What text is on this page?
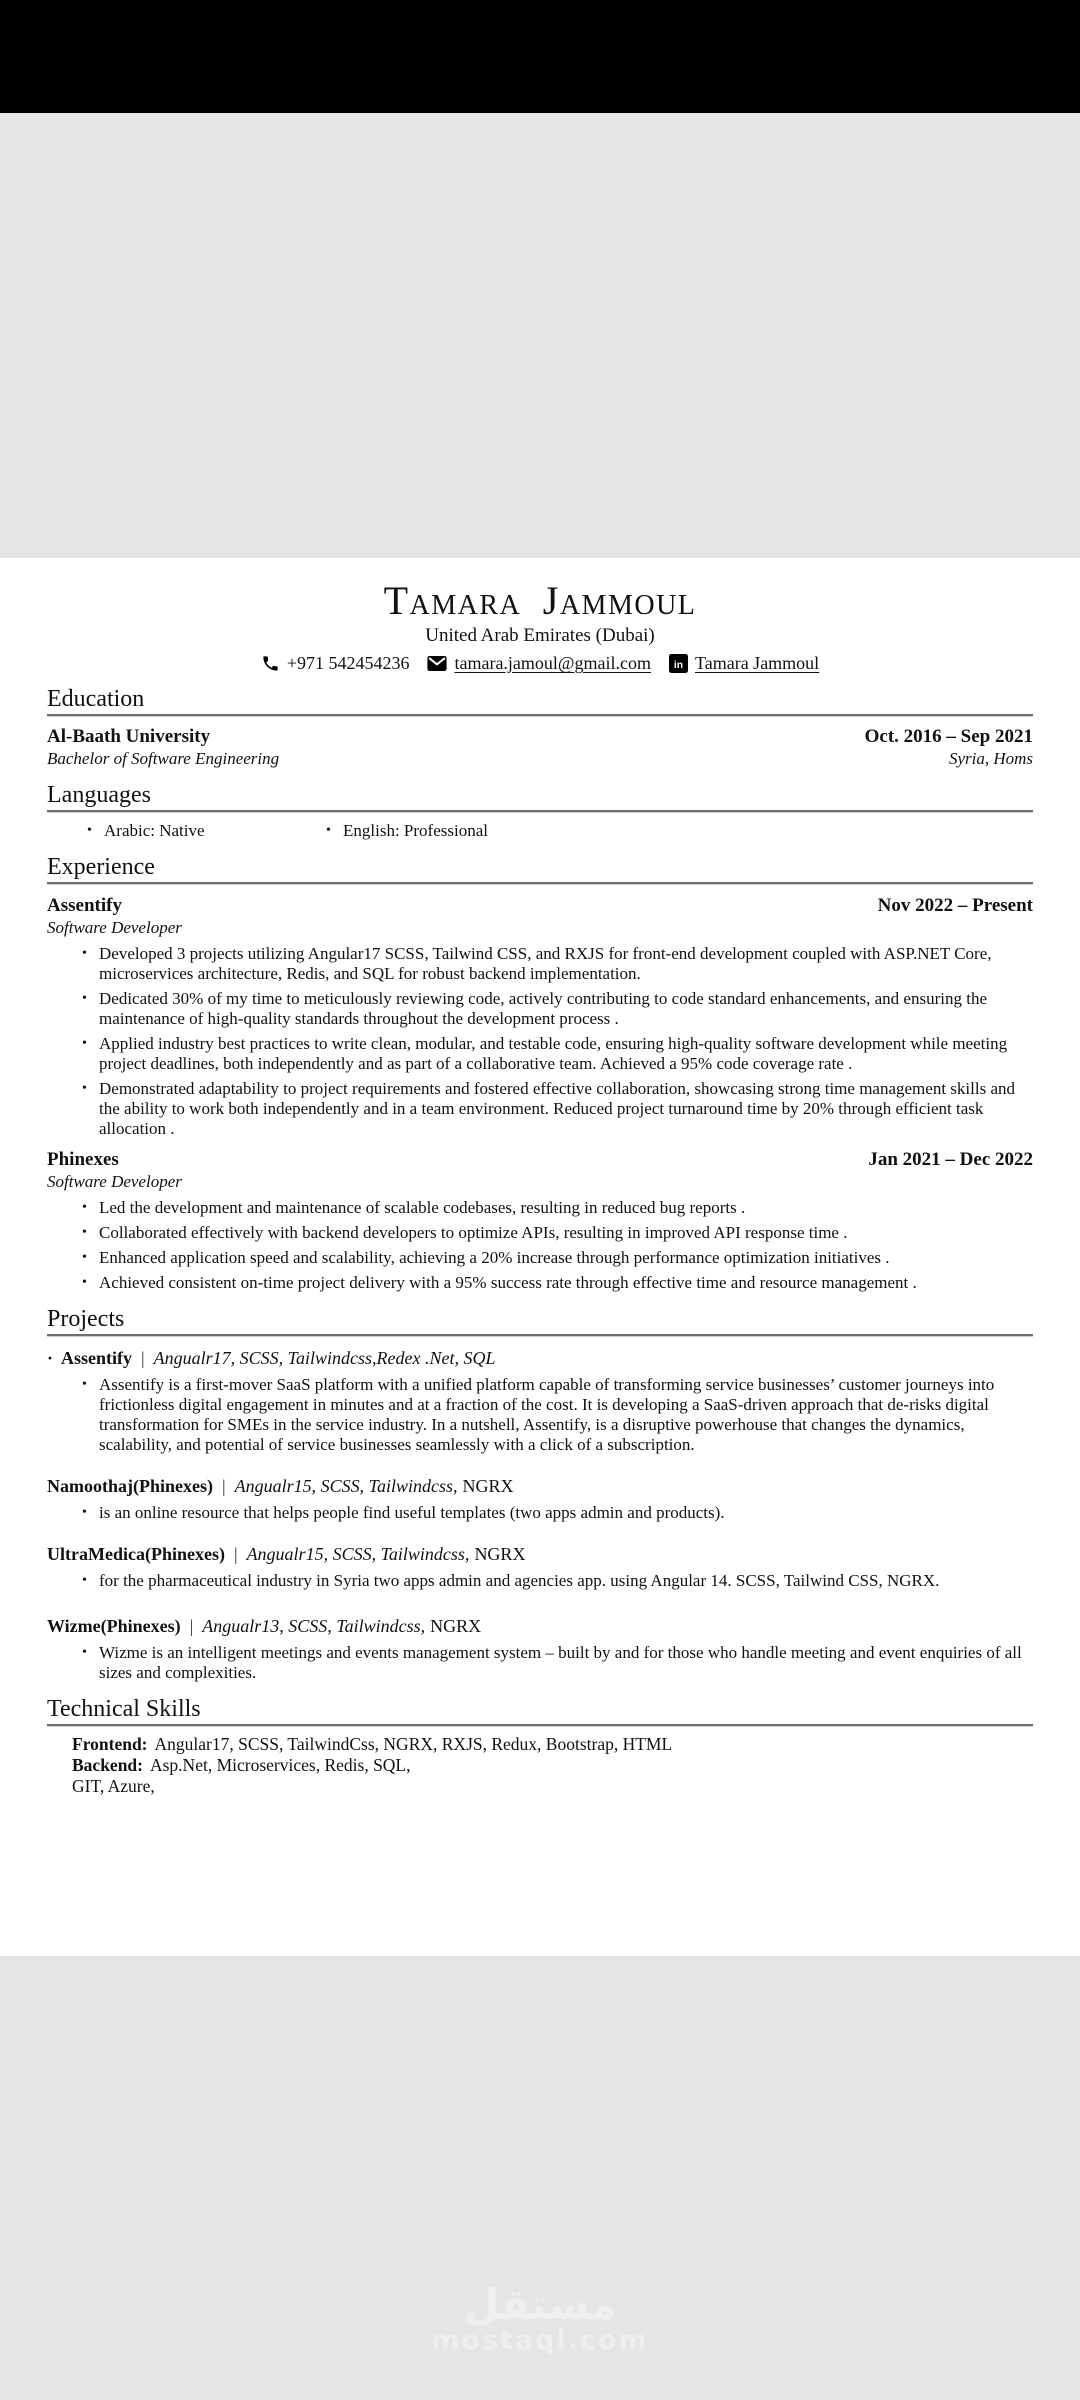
Tamara Jammoul
United Arab Emirates (Dubai)
+971 542454236	tamara.jamoul@gmail.com in Tamara Jammoul
Education
Al-Baath University	Oct. 2016 – Sep 2021
Bachelor of Software Engineering	Syria, Homs
Languages
• Arabic: Native	• English: Professional
Experience
Assentify	Nov 2022 – Present
Software Developer
• Developed 3 projects utilizing Angular17 SCSS, Tailwind CSS, and RXJS for front-end development coupled with ASP.NET Core, microservices architecture, Redis, and SQL for robust backend implementation.
• Dedicated 30% of my time to meticulously reviewing code, actively contributing to code standard enhancements, and ensuring the maintenance of high-quality standards throughout the development process .
• Applied industry best practices to write clean, modular, and testable code, ensuring high-quality software development while meeting project deadlines, both independently and as part of a collaborative team. Achieved a 95% code coverage rate .
• Demonstrated adaptability to project requirements and fostered effective collaboration, showcasing strong time management skills and the ability to work both independently and in a team environment. Reduced project turnaround time by 20% through efficient task allocation .
Phinexes	Jan 2021 – Dec 2022
Software Developer
• Led the development and maintenance of scalable codebases, resulting in reduced bug reports .
• Collaborated effectively with backend developers to optimize APIs, resulting in improved API response time .
• Enhanced application speed and scalability, achieving a 20% increase through performance optimization initiatives .
• Achieved consistent on-time project delivery with a 95% success rate through effective time and resource management .
Projects
· Assentify | Angualr17, SCSS, Tailwindcss,Redex .Net, SQL
• Assentify is a first-mover SaaS platform with a unified platform capable of transforming service businesses’ customer journeys into frictionless digital engagement in minutes and at a fraction of the cost. It is developing a SaaS-driven approach that de-risks digital transformation for SMEs in the service industry. In a nutshell, Assentify, is a disruptive powerhouse that changes the dynamics, scalability, and potential of service businesses seamlessly with a click of a subscription.
Namoothaj(Phinexes) | Angualr15, SCSS, Tailwindcss, NGRX
• is an online resource that helps people find useful templates (two apps admin and products).
UltraMedica(Phinexes) | Angualr15, SCSS, Tailwindcss, NGRX
• for the pharmaceutical industry in Syria two apps admin and agencies app. using Angular 14. SCSS, Tailwind CSS, NGRX.
Wizme(Phinexes) | Angualr13, SCSS, Tailwindcss, NGRX
• Wizme is an intelligent meetings and events management system – built by and for those who handle meeting and event enquiries of all sizes and complexities.
Technical Skills
Frontend: Angular17, SCSS, TailwindCss, NGRX, RXJS, Redux, Bootstrap, HTML
Backend: Asp.Net, Microservices, Redis, SQL,
GIT, Azure,
مستقل
mostaql.com
